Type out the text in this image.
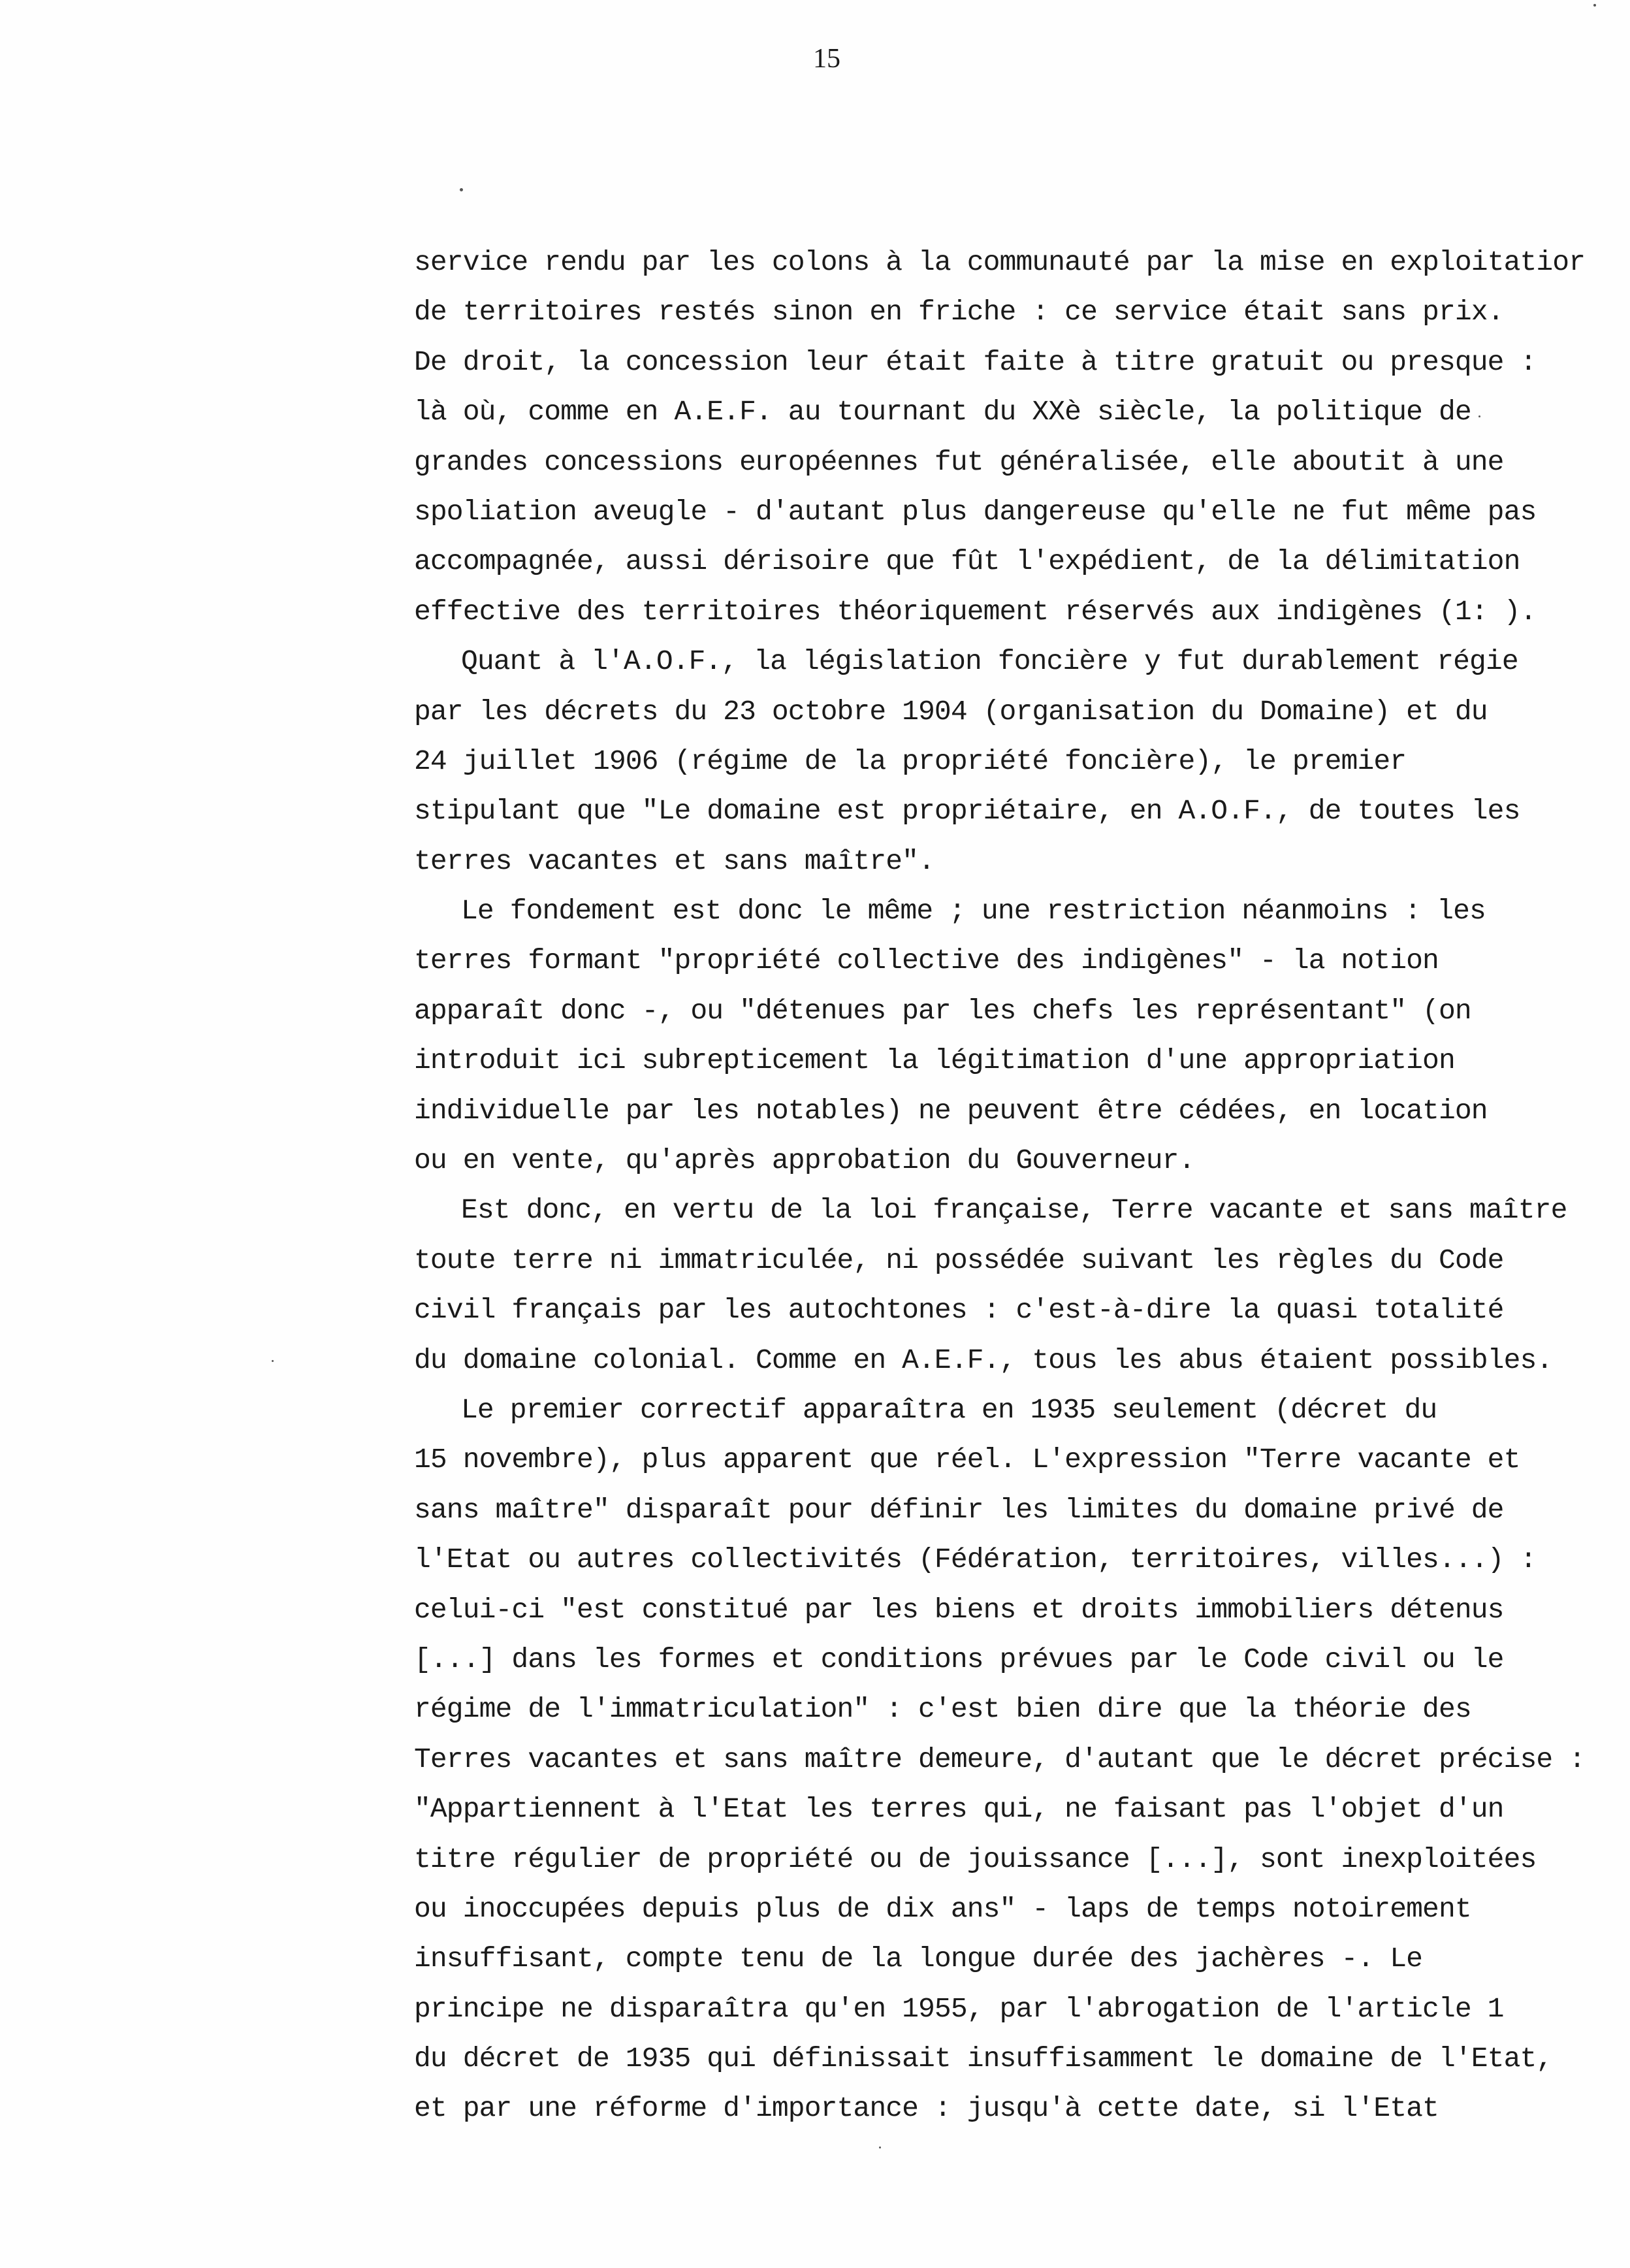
15
service rendu par les colons à la communauté par la mise en exploitatior
de territoires restés sinon en friche : ce service était sans prix.
De droit, la concession leur était faite à titre gratuit ou presque :
là où, comme en A.E.F. au tournant du XXè siècle, la politique de
grandes concessions européennes fut généralisée, elle aboutit à une
spoliation aveugle - d'autant plus dangereuse qu'elle ne fut même pas
accompagnée, aussi dérisoire que fût l'expédient, de la délimitation
effective des territoires théoriquement réservés aux indigènes (1: ).
Quant à l'A.O.F., la législation foncière y fut durablement régie
par les décrets du 23 octobre 1904 (organisation du Domaine) et du
24 juillet 1906 (régime de la propriété foncière), le premier
stipulant que "Le domaine est propriétaire, en A.O.F., de toutes les
terres vacantes et sans maître".
Le fondement est donc le même ; une restriction néanmoins : les
terres formant "propriété collective des indigènes" - la notion
apparaît donc -, ou "détenues par les chefs les représentant" (on
introduit ici subrepticement la légitimation d'une appropriation
individuelle par les notables) ne peuvent être cédées, en location
ou en vente, qu'après approbation du Gouverneur.
Est donc, en vertu de la loi française, Terre vacante et sans maître
toute terre ni immatriculée, ni possédée suivant les règles du Code
civil français par les autochtones : c'est-à-dire la quasi totalité
du domaine colonial. Comme en A.E.F., tous les abus étaient possibles.
Le premier correctif apparaîtra en 1935 seulement (décret du
15 novembre), plus apparent que réel. L'expression "Terre vacante et
sans maître" disparaît pour définir les limites du domaine privé de
l'Etat ou autres collectivités (Fédération, territoires, villes...) :
celui-ci "est constitué par les biens et droits immobiliers détenus
[...] dans les formes et conditions prévues par le Code civil ou le
régime de l'immatriculation" : c'est bien dire que la théorie des
Terres vacantes et sans maître demeure, d'autant que le décret précise :
"Appartiennent à l'Etat les terres qui, ne faisant pas l'objet d'un
titre régulier de propriété ou de jouissance [...], sont inexploitées
ou inoccupées depuis plus de dix ans" - laps de temps notoirement
insuffisant, compte tenu de la longue durée des jachères -. Le
principe ne disparaîtra qu'en 1955, par l'abrogation de l'article 1
du décret de 1935 qui définissait insuffisamment le domaine de l'Etat,
et par une réforme d'importance : jusqu'à cette date, si l'Etat
